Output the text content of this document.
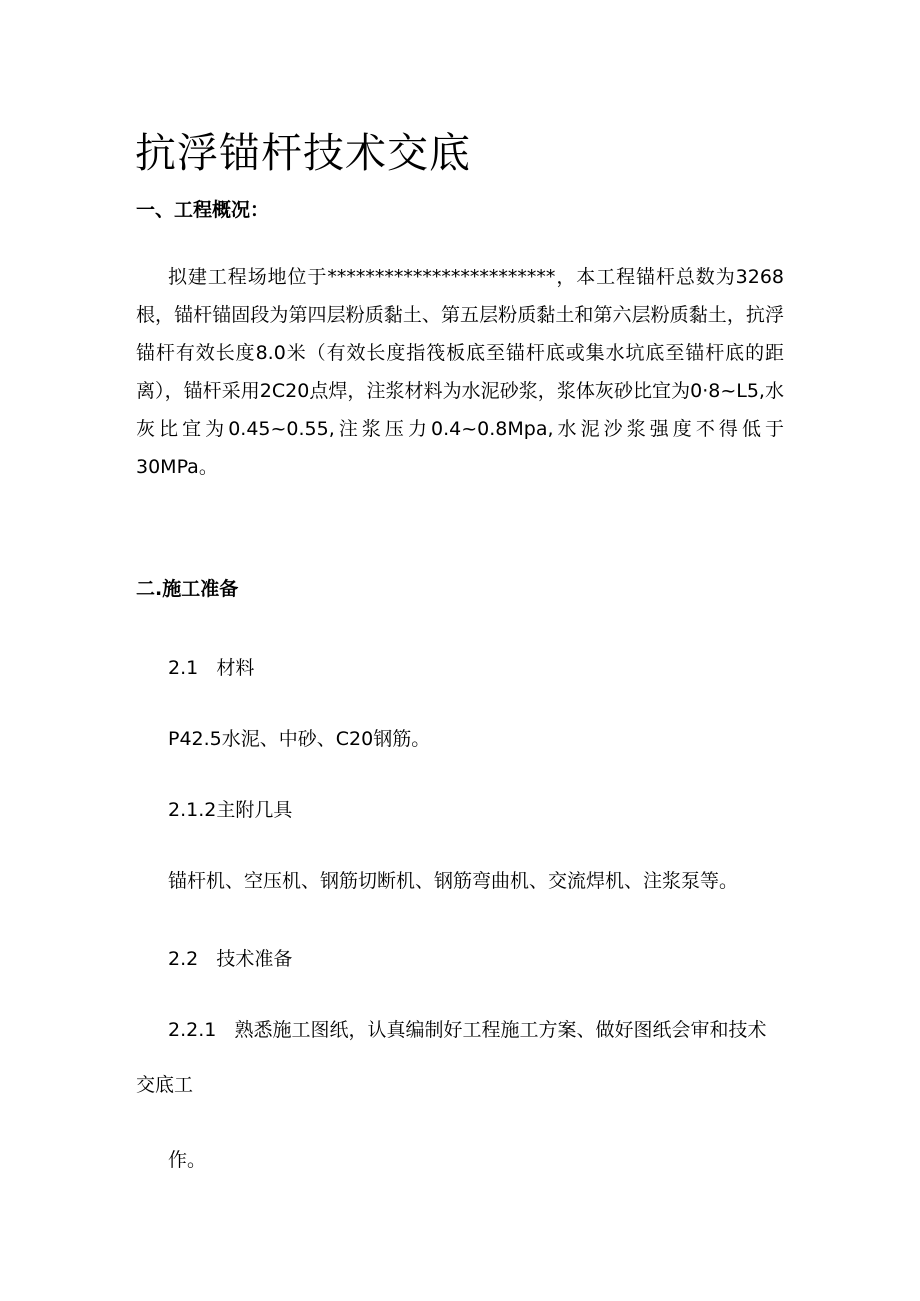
抗浮锚杆技术交底
一、工程概况：

拟建工程场地位于************************，本工程锚杆总数为3268根，锚杆锚固段为第四层粉质黏土、第五层粉质黏土和第六层粉质黏土，抗浮锚杆有效长度8.0米（有效长度指筏板底至锚杆底或集水坑底至锚杆底的距离），锚杆采用2C20点焊，注浆材料为水泥砂浆，浆体灰砂比宜为0·8~L5,水灰比宜为0.45~0.55,注浆压力0.4~0.8Mpa,水泥沙浆强度不得低于30MPa。

二.施工准备

2.1   材料

P42.5水泥、中砂、C20钢筋。

2.1.2主附几具

锚杆机、空压机、钢筋切断机、钢筋弯曲机、交流焊机、注浆泵等。

2.2   技术准备

2.2.1   熟悉施工图纸，认真编制好工程施工方案、做好图纸会审和技术

交底工

作。
